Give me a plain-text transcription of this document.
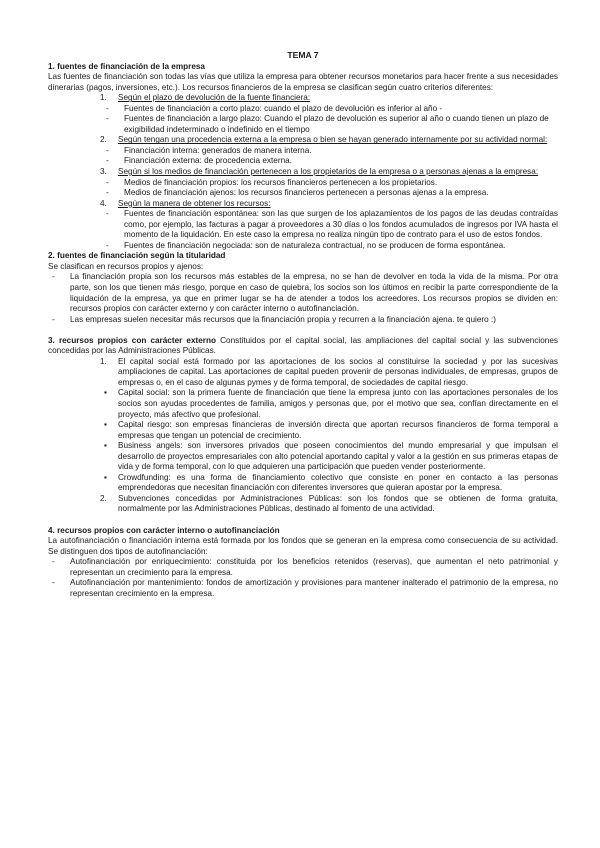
TEMA 7
1. fuentes de financiación de la empresa
Las fuentes de financiación son todas las vías que utiliza la empresa para obtener recursos monetarios para hacer frente a sus necesidades dinerarias (pagos, inversiones, etc.). Los recursos financieros de la empresa se clasifican según cuatro criterios diferentes:
1. Según el plazo de devolución de la fuente financiera:
- Fuentes de financiación a corto plazo: cuando el plazo de devolución es inferior al año -
- Fuentes de financiación a largo plazo: Cuando el plazo de devolución es superior al año o cuando tienen un plazo de exigibilidad indeterminado o indefinido en el tiempo
2. Según tengan una procedencia externa a la empresa o bien se hayan generado internamente por su actividad normal:
- Financiación interna: generados de manera interna.
- Financiación externa: de procedencia externa.
3. Según si los medios de financiación pertenecen a los propietarios de la empresa o a personas ajenas a la empresa:
- Medios de financiación propios: los recursos financieros pertenecen a los propietarios.
- Medios de financiación ajenos: los recursos financieros pertenecen a personas ajenas a la empresa.
4. Según la manera de obtener los recursos:
- Fuentes de financiación espontánea: son las que surgen de los aplazamientos de los pagos de las deudas contraídas como, por ejemplo, las facturas a pagar a proveedores a 30 días o los fondos acumulados de ingresos por IVA hasta el momento de la liquidación. En este caso la empresa no realiza ningún tipo de contrato para el uso de estos fondos.
- Fuentes de financiación negociada: son de naturaleza contractual, no se producen de forma espontánea.
2. fuentes de financiación según la titularidad
Se clasifican en recursos propios y ajenos:
- La financiación propia son los recursos más estables de la empresa, no se han de devolver en toda la vida de la misma. Por otra parte, son los que tienen más riesgo, porque en caso de quiebra, los socios son los últimos en recibir la parte correspondiente de la liquidación de la empresa, ya que en primer lugar se ha de atender a todos los acreedores. Los recursos propios se dividen en: recursos propios con carácter externo y con carácter interno o autofinanciación.
- Las empresas suelen necesitar más recursos que la financiación propia y recurren a la financiación ajena. te quiero :)
3. recursos propios con carácter externo Constituidos por el capital social, las ampliaciones del capital social y las subvenciones concedidas por las Administraciones Públicas.
1. El capital social está formado por las aportaciones de los socios al constituirse la sociedad y por las sucesivas ampliaciones de capital. Las aportaciones de capital pueden provenir de personas individuales, de empresas, grupos de empresas o, en el caso de algunas pymes y de forma temporal, de sociedades de capital riesgo.
▪ Capital social: son la primera fuente de financiación que tiene la empresa junto con las aportaciones personales de los socios son ayudas procedentes de familia, amigos y personas que, por el motivo que sea, confían directamente en el proyecto, más afectivo que profesional.
▪ Capital riesgo: son empresas financieras de inversión directa que aportan recursos financieros de forma temporal a empresas que tengan un potencial de crecimiento.
▪ Business angels: son inversores privados que poseen conocimientos del mundo empresarial y que impulsan el desarrollo de proyectos empresariales con alto potencial aportando capital y valor a la gestión en sus primeras etapas de vida y de forma temporal, con lo que adquieren una participación que pueden vender posteriormente.
▪ Crowdfunding: es una forma de financiamiento colectivo que consiste en poner en contacto a las personas emprendedoras que necesitan financiación con diferentes inversores que quieran apostar por la empresa.
2. Subvenciones concedidas por Administraciones Públicas: son los fondos que se obtienen de forma gratuita, normalmente por las Administraciones Públicas, destinado al fomento de una actividad.
4. recursos propios con carácter interno o autofinanciación
La autofinanciación o financiación interna está formada por los fondos que se generan en la empresa como consecuencia de su actividad. Se distinguen dos tipos de autofinanciación:
- Autofinanciación por enriquecimiento: constituida por los beneficios retenidos (reservas), que aumentan el neto patrimonial y representan un crecimiento para la empresa.
- Autofinanciación por mantenimiento: fondos de amortización y provisiones para mantener inalterado el patrimonio de la empresa, no representan crecimiento en la empresa.
